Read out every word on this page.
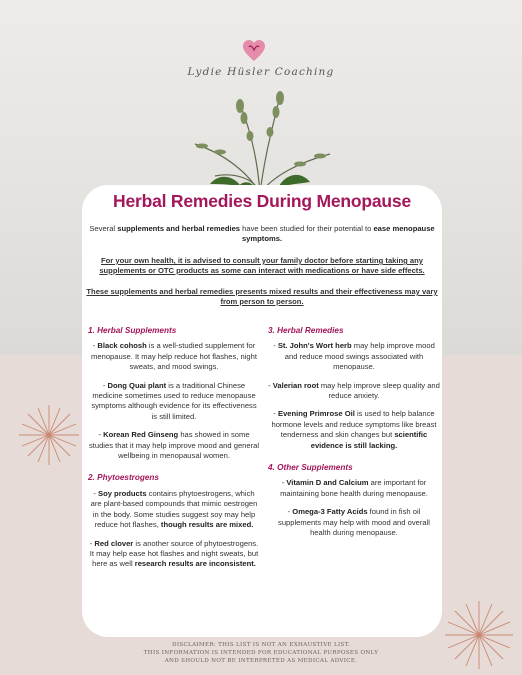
Lydie Hüsler Coaching
Herbal Remedies During Menopause
Several supplements and herbal remedies have been studied for their potential to ease menopause symptoms.
For your own health, it is advised to consult your family doctor before starting taking any supplements or OTC products as some can interact with medications or have side effects.
These supplements and herbal remedies presents mixed results and their effectiveness may vary from person to person.
1. Herbal Supplements
- Black cohosh is a well-studied supplement for menopause. It may help reduce hot flashes, night sweats, and mood swings.
- Dong Quai plant is a traditional Chinese medicine sometimes used to reduce menopause symptoms although evidence for its effectiveness is still limited.
- Korean Red Ginseng has showed in some studies that it may help improve mood and general wellbeing in menopausal women.
2. Phytoestrogens
- Soy products contains phytoestrogens, which are plant-based compounds that mimic oestrogen in the body. Some studies suggest soy may help reduce hot flashes, though results are mixed.
- Red clover is another source of phytoestrogens. It may help ease hot flashes and night sweats, but here as well research results are inconsistent.
3. Herbal Remedies
- St. John's Wort herb may help improve mood and reduce mood swings associated with menopause.
- Valerian root may help improve sleep quality and reduce anxiety.
- Evening Primrose Oil is used to help balance hormone levels and reduce symptoms like breast tenderness and skin changes but scientific evidence is still lacking.
4. Other Supplements
- Vitamin D and Calcium are important for maintaining bone health during menopause.
- Omega-3 Fatty Acids found in fish oil supplements may help with mood and overall health during menopause.
DISCLAIMER: THIS LIST IS NOT AN EXHAUSTIVE LIST.
THIS INFORMATION IS INTENDED FOR EDUCATIONAL PURPOSES ONLY
AND SHOULD NOT BE INTERPRETED AS MEDICAL ADVICE.
